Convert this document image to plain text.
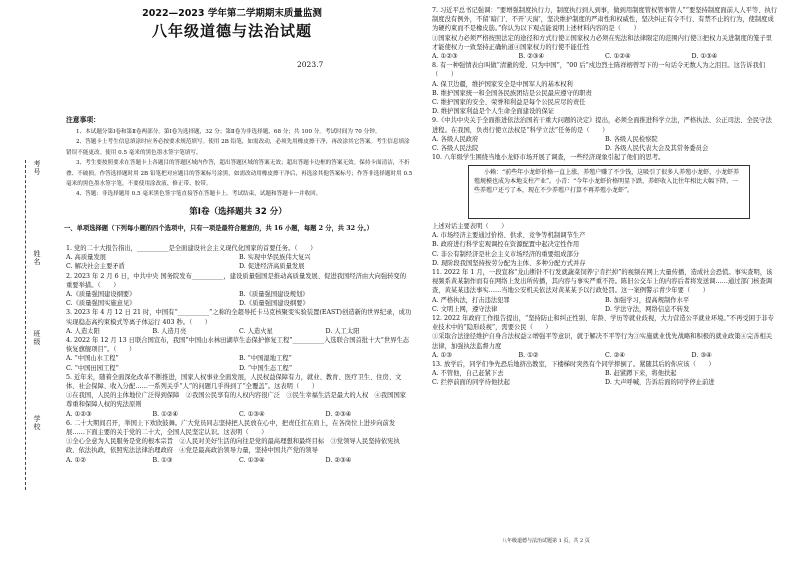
考号
姓名
班级
学校
2022—2023 学年第二学期期末质量监测
八年级道德与法治试题
2023.7
注意事项：

1、本试题分第Ⅰ卷和第Ⅱ卷两部分。第Ⅰ卷为选择题，32 分；第Ⅱ卷为非选择题，68 分；共 100 分。考试时间为 70 分钟。

2、答题卡上考生信息填涂时应务必按要求规范填写。使用 2B 铅笔，如需改动，必须先用橡皮擦干净，再改涂其它答案。考生信息填涂错误不能更改。使用 0.5 毫米的黑色墨水签字笔填写。

3、考生要按照要求在答题卡上各题目的答题区域内作答，超出答题区域的答案无效；超出答题卡边框的答案无效。保持卡面清洁，不折叠、不破损。作答选择题时用 2B 铅笔把对应题目的答案标号涂黑，如需改动用橡皮擦干净后，再选涂其他答案标号；作答非选择题时用 0.5 毫米的黑色墨水签字笔，不要使用涂改液、修正带、胶带。

4、答题：非选择题用 0.5 毫米黑色签字笔直接答在答题卡上。考试结束，试题和答题卡一并收回。

第Ⅰ卷（选择题共 32 分）
一、单项选择题（下列每小题的四个选项中，只有一项是最符合题意的，共 16 小题，每题 2 分，共 32 分。）

1. 党的二十大报告指出，__________是全面建设社会主义现代化国家的首要任务。（　　）

A. 高质量发展	B. 实现中华民族伟大复兴
C. 解决社会主要矛盾	D. 促进经济高质量发展

2. 2023 年 2 月 6 日，中共中央 国务院发布__________，建设质量强国是推动高质量发展、促进我国经济由大向强转变的重要举措。（　　）

A.《质量强国建设纲要》	B.《质量强国建设规划》
C.《质量强国实施意见》	D.《质量强国建设纲要》

3. 2023 年 4 月 12 日 21 时，中国有“__________”之称的全超导托卡马克核聚变实验装置(EAST)创造新的世界纪录，成功实现稳态高约束模式等离子体运行 403 秒。（　　）

A. 人造太阳	B. 人造月亮	C. 人造火星	D. 人工太阳

4. 2022 年 12 月 13 日联合国宣布，我国“中国山水林田湖草生态保护修复工程”__________入选联合国首批十大“世界生态恢复旗舰项目”。（　　）

A. “中国山水工程”	B. “中国湿地工程”
C. “中国田园工程”	D. “中国生态工程”

5. 近年来，随着全面深化改革不断推进，国家人权事业全面发展，人民权益保障有力，就业、教育、医疗卫生、住房、文体、社会保障、收入分配……一系列关乎“人”的问题几乎得到了“全覆盖”。这表明（　　）

①在我国，人民的主体地位广泛得到保障　②我国公民享有的人权内容很广泛　③民生幸福生活是最大的人权　④我国国家尊重和保障人权的宪法原则

A. ①②③	B. ①②④	C. ①③④	D. ②③④

6. 二十大期间召开，举国上下欢欣鼓舞。广大党员同志坚持把人民放在心中，把责任扛在肩上，在各岗位上进步向前发展……下面主要的关于党的二十大，全国人民坚定认识。这表明（　　）

①全心全意为人民服务是党的根本宗旨　②人民对美好生活的向往是党的最高理想和最终目标　③党领导人民坚持依宪执政、依法执政，依照宪法法律治理政府　④党是最高政治领导力量，坚持中国共产党的领导

A. ①②	B. ①③	C. ①③④	D. ②③④

7. 习近平总书记强调：“要增强制度执行力，制度执行到人到事，做到用制度管权管事管人”“要坚持制度面前人人平等、执行制度没有例外，不留‘暗门’、不开‘天窗’，坚决维护制度的严肃性和权威性，坚决纠正有令不行、有禁不止的行为，使制度成为硬约束而不是橡皮筋。”你认为以下观点能说明上述材料内容的是（　　）

①国家权力必须严格按照法定的途径和方式行使②国家权力必须在宪法和法律限定的范围内行使③把权力关进制度的笼子里才能使权力一致坚持正确轨道④国家权力的行使不能任性

A. ①②③	B. ②③④	C. ①②④	D. ①③④

8. 有一种强情表白叫做“清澈的爱、只为中国”，“00 后”戍边烈士陈祥榕曾写下的一句话令无数人为之泪目。这告诉我们（　　）

A. 保卫边疆，维护国家安全是中国军人的基本权利
B. 维护国家统一和全国各民族团结是公民最应遵守的职责
C. 维护国家的安全、荣誉和利益是每个公民应尽的责任
D. 维护国家利益是个人生命全面建设的保证

9.《中共中央关于全面推进依法治国若干重大问题的决定》提出，必须全面推进科学立法，严格执法、公正司法、全民守法进程。在我国，负责行使立法权是“科学立法”任务的是（　　）

A. 各级人民政府	B. 各级人民检察院
C. 各级人民法院	D. 各级人民代表大会及其常务委员会

10. 八年级学生围绕当地小龙虾市场开展了调查，一些经济现象引起了他们的思考。

小赖：“前些年小龙虾价格一直上涨，养殖户赚了不少钱，这吸引了很多人养殖小龙虾，小龙虾养殖规模也成为本地支柱产业”。小青：“今年小龙虾价格明显下跌，养虾收入比往年相比大幅下降，一些养殖户还亏了本，现在不少养殖户打算不再养殖小龙虾”。

上述对话主要表明（　　）

A. 市场经济主要通过价格、供求、竞争等机制调节生产
B. 政府进行科学宏观调控在资源配置中起决定性作用
C. 非公有制经济是社会主义市场经济的重要组成部分
D. 现阶段我国坚持按劳分配为主体、多种分配方式并存

11. 2022 年 1 月，一段宣称“龙山断针不行发就蔬菜饲养宁肯拦掉”的视频在网上大量传播，造成社会恐慌。事实查明，该视频系黄某制作而有在网络上发出所传播，其内容与事实严重不符。陈旧公交车上的内容后者将发送调……通过部门核查调查，黄某某违法事实……当地公安机关依法对黄某某予以行政处罚。这一案例警示青少年要（　　）

A. 严格执法，打击违法犯罪	B. 加强学习，提高规制作水平
C. 文明上网，遵守法律	D. 学法守法，网络信息不转发

12. 2022 年政府工作报告提出，“坚持防止和纠正性别、年龄、学历等就业歧视，大力营造公平就业环境。”不再受困于非专业技术中的“隐形歧视”，需要公民（　　）

①采取合法途径维护自身合法权益②增强平等意识，就于解决不平等行为③实施就业优先战略和积极的就业政策④完善相关法律，加强执法监督力度

A. ①③	B. ①②	C. ②④	D. ③④

13. 放学后，同学们争先恐后地挤出教室，下楼梯时突然有个同学摔倒了。紧随其后的你应该（　　）

A. 不管他，自己赶紧下去	B. 赶紧蹲下来，将他扶起
C. 拦停前面的同学待他扶起	D. 大声呼喊，告诉后面的同学停止前进
八年级道德与法治试题第 1 页，共 2 页
